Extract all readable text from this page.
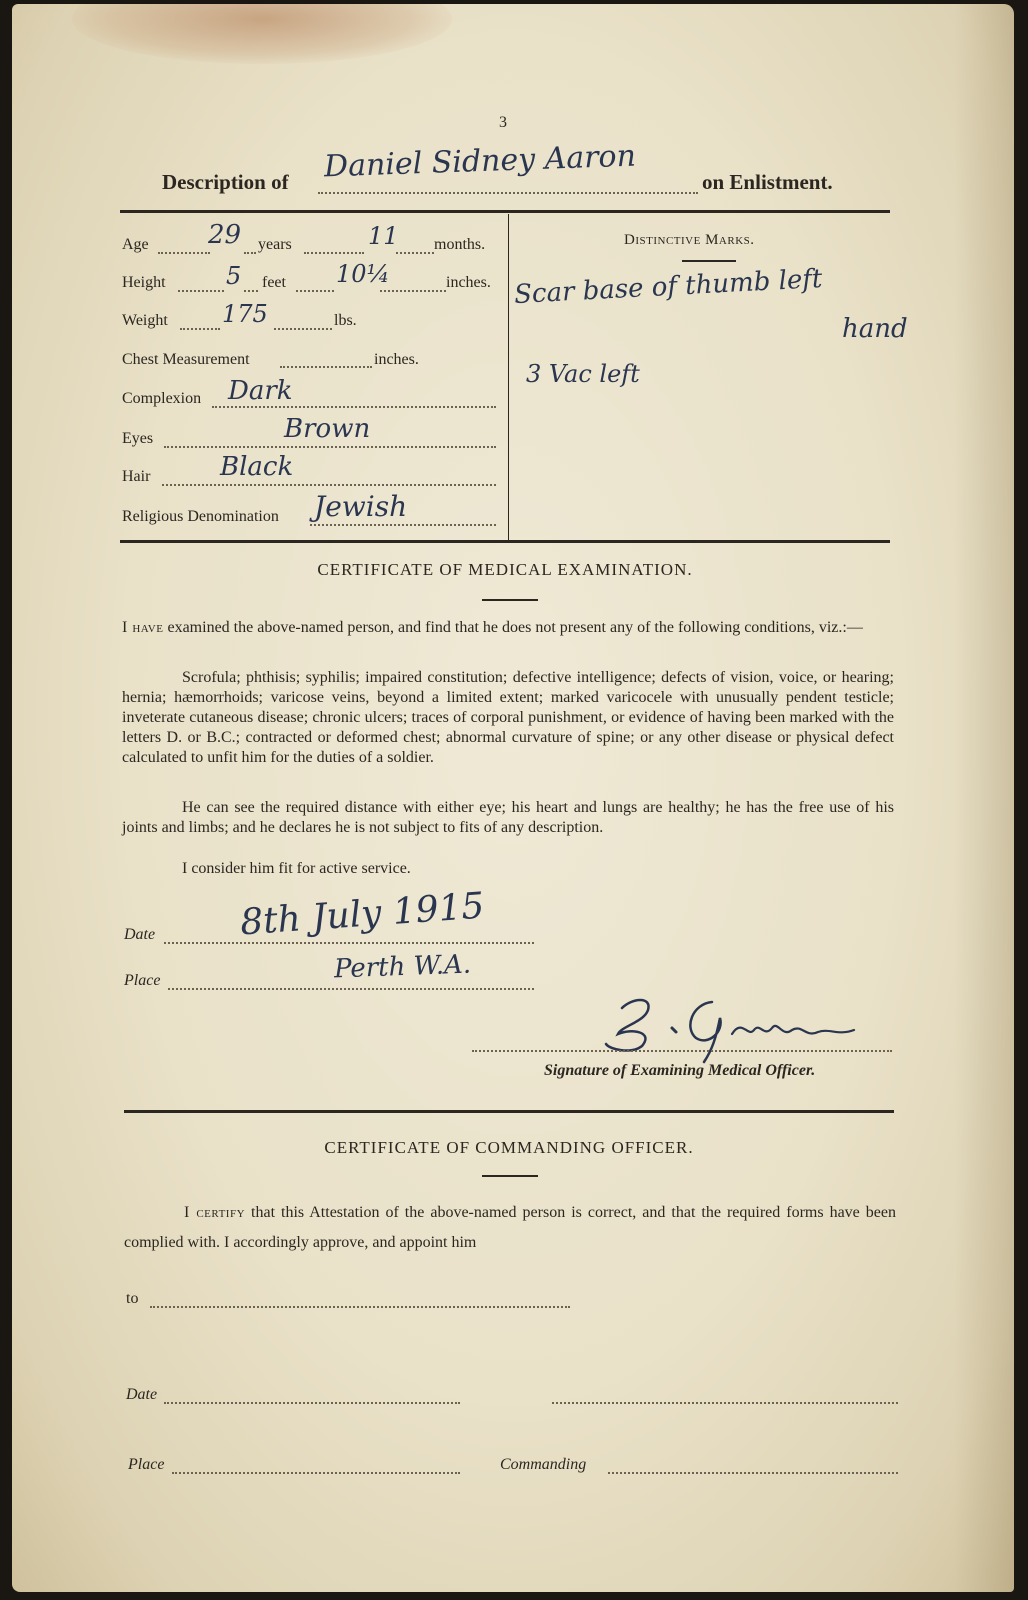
3
Description of Daniel Sidney Aaron	on Enlistment.
Age 29 years	11 months.
Height	5 feet 10¼	inches.
Weight 175	lbs.
Chest Measurement	inches.
Complexion Dark
Eyes	Brown
Hair	Black
Religious Denomination Jewish
Distinctive Marks.
Scar base of thumb left
hand
3 Vac left
CERTIFICATE OF MEDICAL EXAMINATION.
I have examined the above-named person, and find that he does not present any of the following conditions, viz.:—
Scrofula; phthisis; syphilis; impaired constitution; defective intelligence; defects of vision, voice, or hearing; hernia; hæmorrhoids; varicose veins, beyond a limited extent; marked varicocele with unusually pendent testicle; inveterate cutaneous disease; chronic ulcers; traces of corporal punishment, or evidence of having been marked with the letters D. or B.C.; contracted or deformed chest; abnormal curvature of spine; or any other disease or physical defect calculated to unfit him for the duties of a soldier.
He can see the required distance with either eye; his heart and lungs are healthy; he has the free use of his joints and limbs; and he declares he is not subject to fits of any description.
I consider him fit for active service.
Date 8th July 1915
Place	Perth W.A.
Signature of Examining Medical Officer.
CERTIFICATE OF COMMANDING OFFICER.
I certify that this Attestation of the above-named person is correct, and that the required forms have been complied with. I accordingly approve, and appoint him
to
Date
Place	Commanding
